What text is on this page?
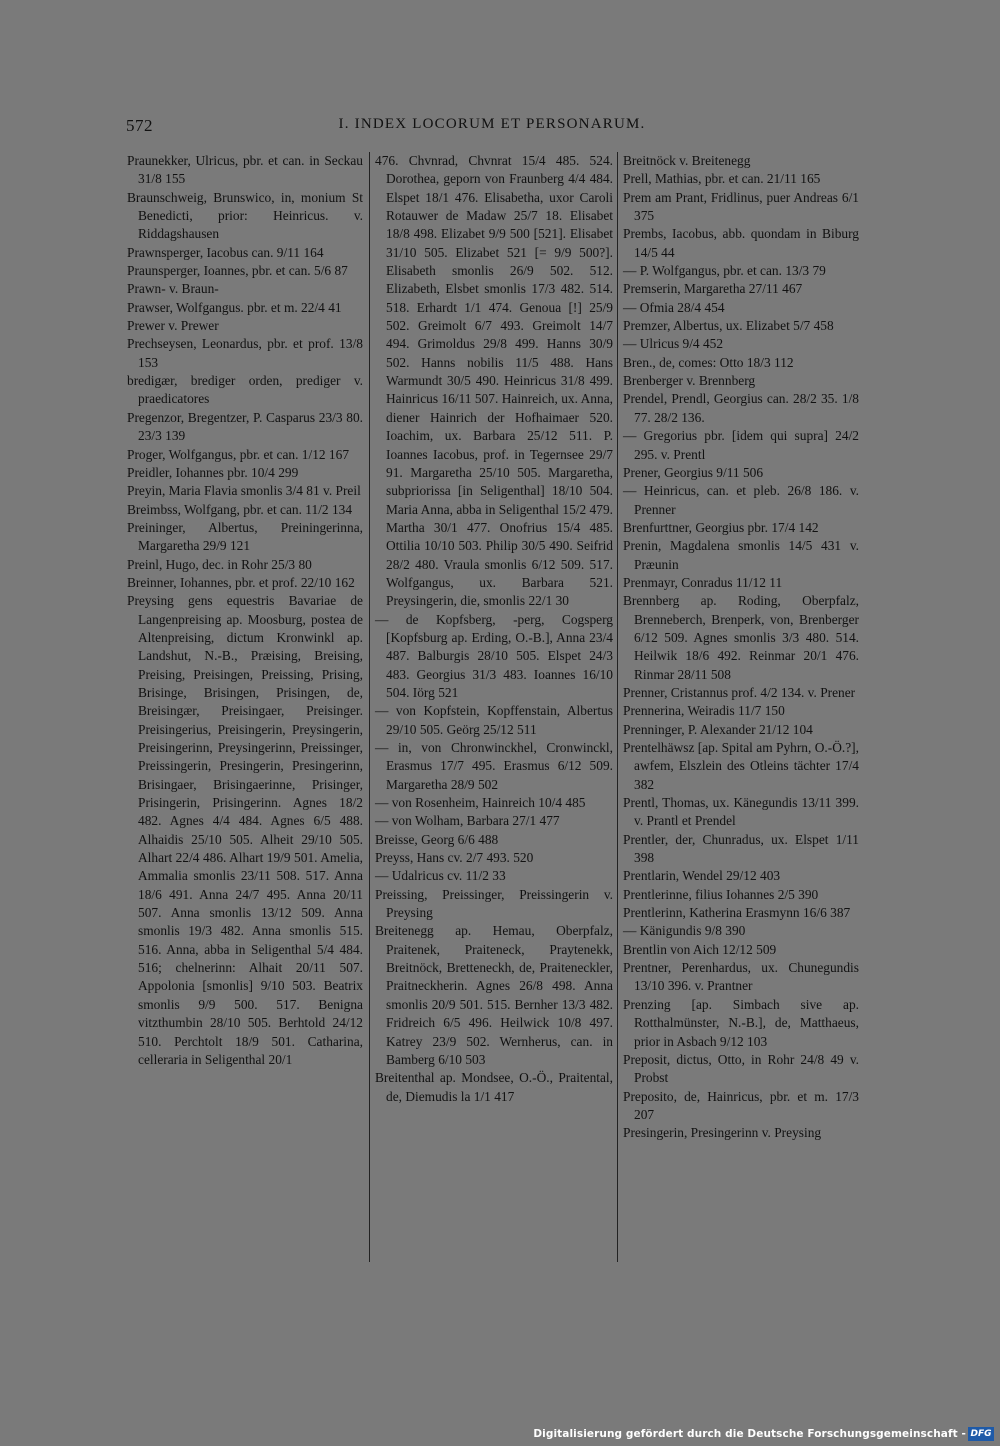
572	I. INDEX LOCORUM ET PERSONARUM.

Praunekker, Ulricus, pbr. et can. in Seckau 31/8 155

Braunschweig, Brunswico, in, monium St Benedicti, prior: Heinricus. v. Riddagshausen

Prawnsperger, Iacobus can. 9/11 164

Praunsperger, Ioannes, pbr. et can. 5/6 87

Prawn- v. Braun-

Prawser, Wolfgangus. pbr. et m. 22/4 41

Prewer v. Prewer

Prechseysen, Leonardus, pbr. et prof. 13/8 153

bredigær, brediger orden, prediger v. praedicatores

Pregenzor, Bregentzer, P. Casparus 23/3 80. 23/3 139

Proger, Wolfgangus, pbr. et can. 1/12 167

Preidler, Iohannes pbr. 10/4 299

Preyin, Maria Flavia smonlis 3/4 81 v. Preil

Breimbss, Wolfgang, pbr. et can. 11/2 134

Preininger, Albertus, Preiningerinna, Margaretha 29/9 121

Preinl, Hugo, dec. in Rohr 25/3 80

Breinner, Iohannes, pbr. et prof. 22/10 162

Preysing gens equestris Bavariae de Langenpreising ap. Moosburg, postea de Altenpreising, dictum Kronwinkl ap. Landshut, N.-B., Præising, Breising, Preising, Preisingen, Preissing, Prising, Brisinge, Brisingen, Prisingen, de, Breisingær, Preisingaer, Preisinger. Preisingerius, Preisingerin, Preysingerin, Preisingerinn, Preysingerinn, Preissinger, Preissingerin, Presingerin, Presingerinn, Brisingaer, Brisingaerinne, Prisinger, Prisingerin, Prisingerinn. Agnes 18/2 482. Agnes 4/4 484. Agnes 6/5 488. Alhaidis 25/10 505. Alheit 29/10 505. Alhart 22/4 486. Alhart 19/9 501. Amelia, Ammalia smonlis 23/11 508. 517. Anna 18/6 491. Anna 24/7 495. Anna 20/11 507. Anna smonlis 13/12 509. Anna smonlis 19/3 482. Anna smonlis 515. 516. Anna, abba in Seligenthal 5/4 484. 516; chelnerinn: Alhait 20/11 507. Appolonia [smonlis] 9/10 503. Beatrix smonlis 9/9 500. 517. Benigna vitzthumbin 28/10 505. Berhtold 24/12 510. Perchtolt 18/9 501. Catharina, celleraria in Seligenthal 20/1

476. Chvnrad, Chvnrat 15/4 485. 524. Dorothea, geporn von Fraunberg 4/4 484. Elspet 18/1 476. Elisabetha, uxor Caroli Rotauwer de Madaw 25/7 18. Elisabet 18/8 498. Elizabet 9/9 500 [521]. Elisabet 31/10 505. Elizabet 521 [= 9/9 500?]. Elisabeth smonlis 26/9 502. 512. Elizabeth, Elsbet smonlis 17/3 482. 514. 518. Erhardt 1/1 474. Genoua [!] 25/9 502. Greimolt 6/7 493. Greimolt 14/7 494. Grimoldus 29/8 499. Hanns 30/9 502. Hanns nobilis 11/5 488. Hans Warmundt 30/5 490. Heinricus 31/8 499. Hainricus 16/11 507. Hainreich, ux. Anna, diener Hainrich der Hofhaimaer 520. Ioachim, ux. Barbara 25/12 511. P. Ioannes Iacobus, prof. in Tegernsee 29/7 91. Margaretha 25/10 505. Margaretha, subpriorissa [in Seligenthal] 18/10 504. Maria Anna, abba in Seligenthal 15/2 479. Martha 30/1 477. Onofrius 15/4 485. Ottilia 10/10 503. Philip 30/5 490. Seifrid 28/2 480. Vraula smonlis 6/12 509. 517. Wolfgangus, ux. Barbara 521. Preysingerin, die, smonlis 22/1 30

— de Kopfsberg, -perg, Cogsperg [Kopfsburg ap. Erding, O.-B.], Anna 23/4 487. Balburgis 28/10 505. Elspet 24/3 483. Georgius 31/3 483. Ioannes 16/10 504. Iörg 521

— von Kopfstein, Kopffenstain, Albertus 29/10 505. Geörg 25/12 511

— in, von Chronwinckhel, Cronwinckl, Erasmus 17/7 495. Erasmus 6/12 509. Margaretha 28/9 502

— von Rosenheim, Hainreich 10/4 485

— von Wolham, Barbara 27/1 477

Breisse, Georg 6/6 488

Preyss, Hans cv. 2/7 493. 520

— Udalricus cv. 11/2 33

Preissing, Preissinger, Preissingerin v. Preysing

Breitenegg ap. Hemau, Oberpfalz, Praitenek, Praiteneck, Praytenekk, Breitnöck, Bretteneckh, de, Praiteneckler, Praitneckherin. Agnes 26/8 498. Anna smonlis 20/9 501. 515. Bernher 13/3 482. Fridreich 6/5 496. Heilwick 10/8 497. Katrey 23/9 502. Wernherus, can. in Bamberg 6/10 503

Breitenthal ap. Mondsee, O.-Ö., Praitental, de, Diemudis la 1/1 417

Breitnöck v. Breitenegg

Prell, Mathias, pbr. et can. 21/11 165

Prem am Prant, Fridlinus, puer Andreas 6/1 375

Prembs, Iacobus, abb. quondam in Biburg 14/5 44

— P. Wolfgangus, pbr. et can. 13/3 79

Premserin, Margaretha 27/11 467

— Ofmia 28/4 454

Premzer, Albertus, ux. Elizabet 5/7 458

— Ulricus 9/4 452

Bren., de, comes: Otto 18/3 112

Brenberger v. Brennberg

Prendel, Prendl, Georgius can. 28/2 35. 1/8 77. 28/2 136.

— Gregorius pbr. [idem qui supra] 24/2 295. v. Prentl

Prener, Georgius 9/11 506

— Heinricus, can. et pleb. 26/8 186. v. Prenner

Brenfurttner, Georgius pbr. 17/4 142

Prenin, Magdalena smonlis 14/5 431 v. Præunin

Prenmayr, Conradus 11/12 11

Brennberg ap. Roding, Oberpfalz, Brenneberch, Brenperk, von, Brenberger 6/12 509. Agnes smonlis 3/3 480. 514. Heilwik 18/6 492. Reinmar 20/1 476. Rinmar 28/11 508

Prenner, Cristannus prof. 4/2 134. v. Prener

Prennerina, Weiradis 11/7 150

Prenninger, P. Alexander 21/12 104

Prentelhäwsz [ap. Spital am Pyhrn, O.-Ö.?], awfem, Elszlein des Otleins tächter 17/4 382

Prentl, Thomas, ux. Känegundis 13/11 399. v. Prantl et Prendel

Prentler, der, Chunradus, ux. Elspet 1/11 398

Prentlarin, Wendel 29/12 403

Prentlerinne, filius Iohannes 2/5 390

Prentlerinn, Katherina Erasmynn 16/6 387

— Känigundis 9/8 390

Brentlin von Aich 12/12 509

Prentner, Perenhardus, ux. Chunegundis 13/10 396. v. Prantner

Prenzing [ap. Simbach sive ap. Rotthalmünster, N.-B.], de, Matthaeus, prior in Asbach 9/12 103

Preposit, dictus, Otto, in Rohr 24/8 49 v. Probst

Preposito, de, Hainricus, pbr. et m. 17/3 207

Presingerin, Presingerinn v. Preysing

Digitalisierung gefördert durch die Deutsche Forschungsgemeinschaft - DFG
